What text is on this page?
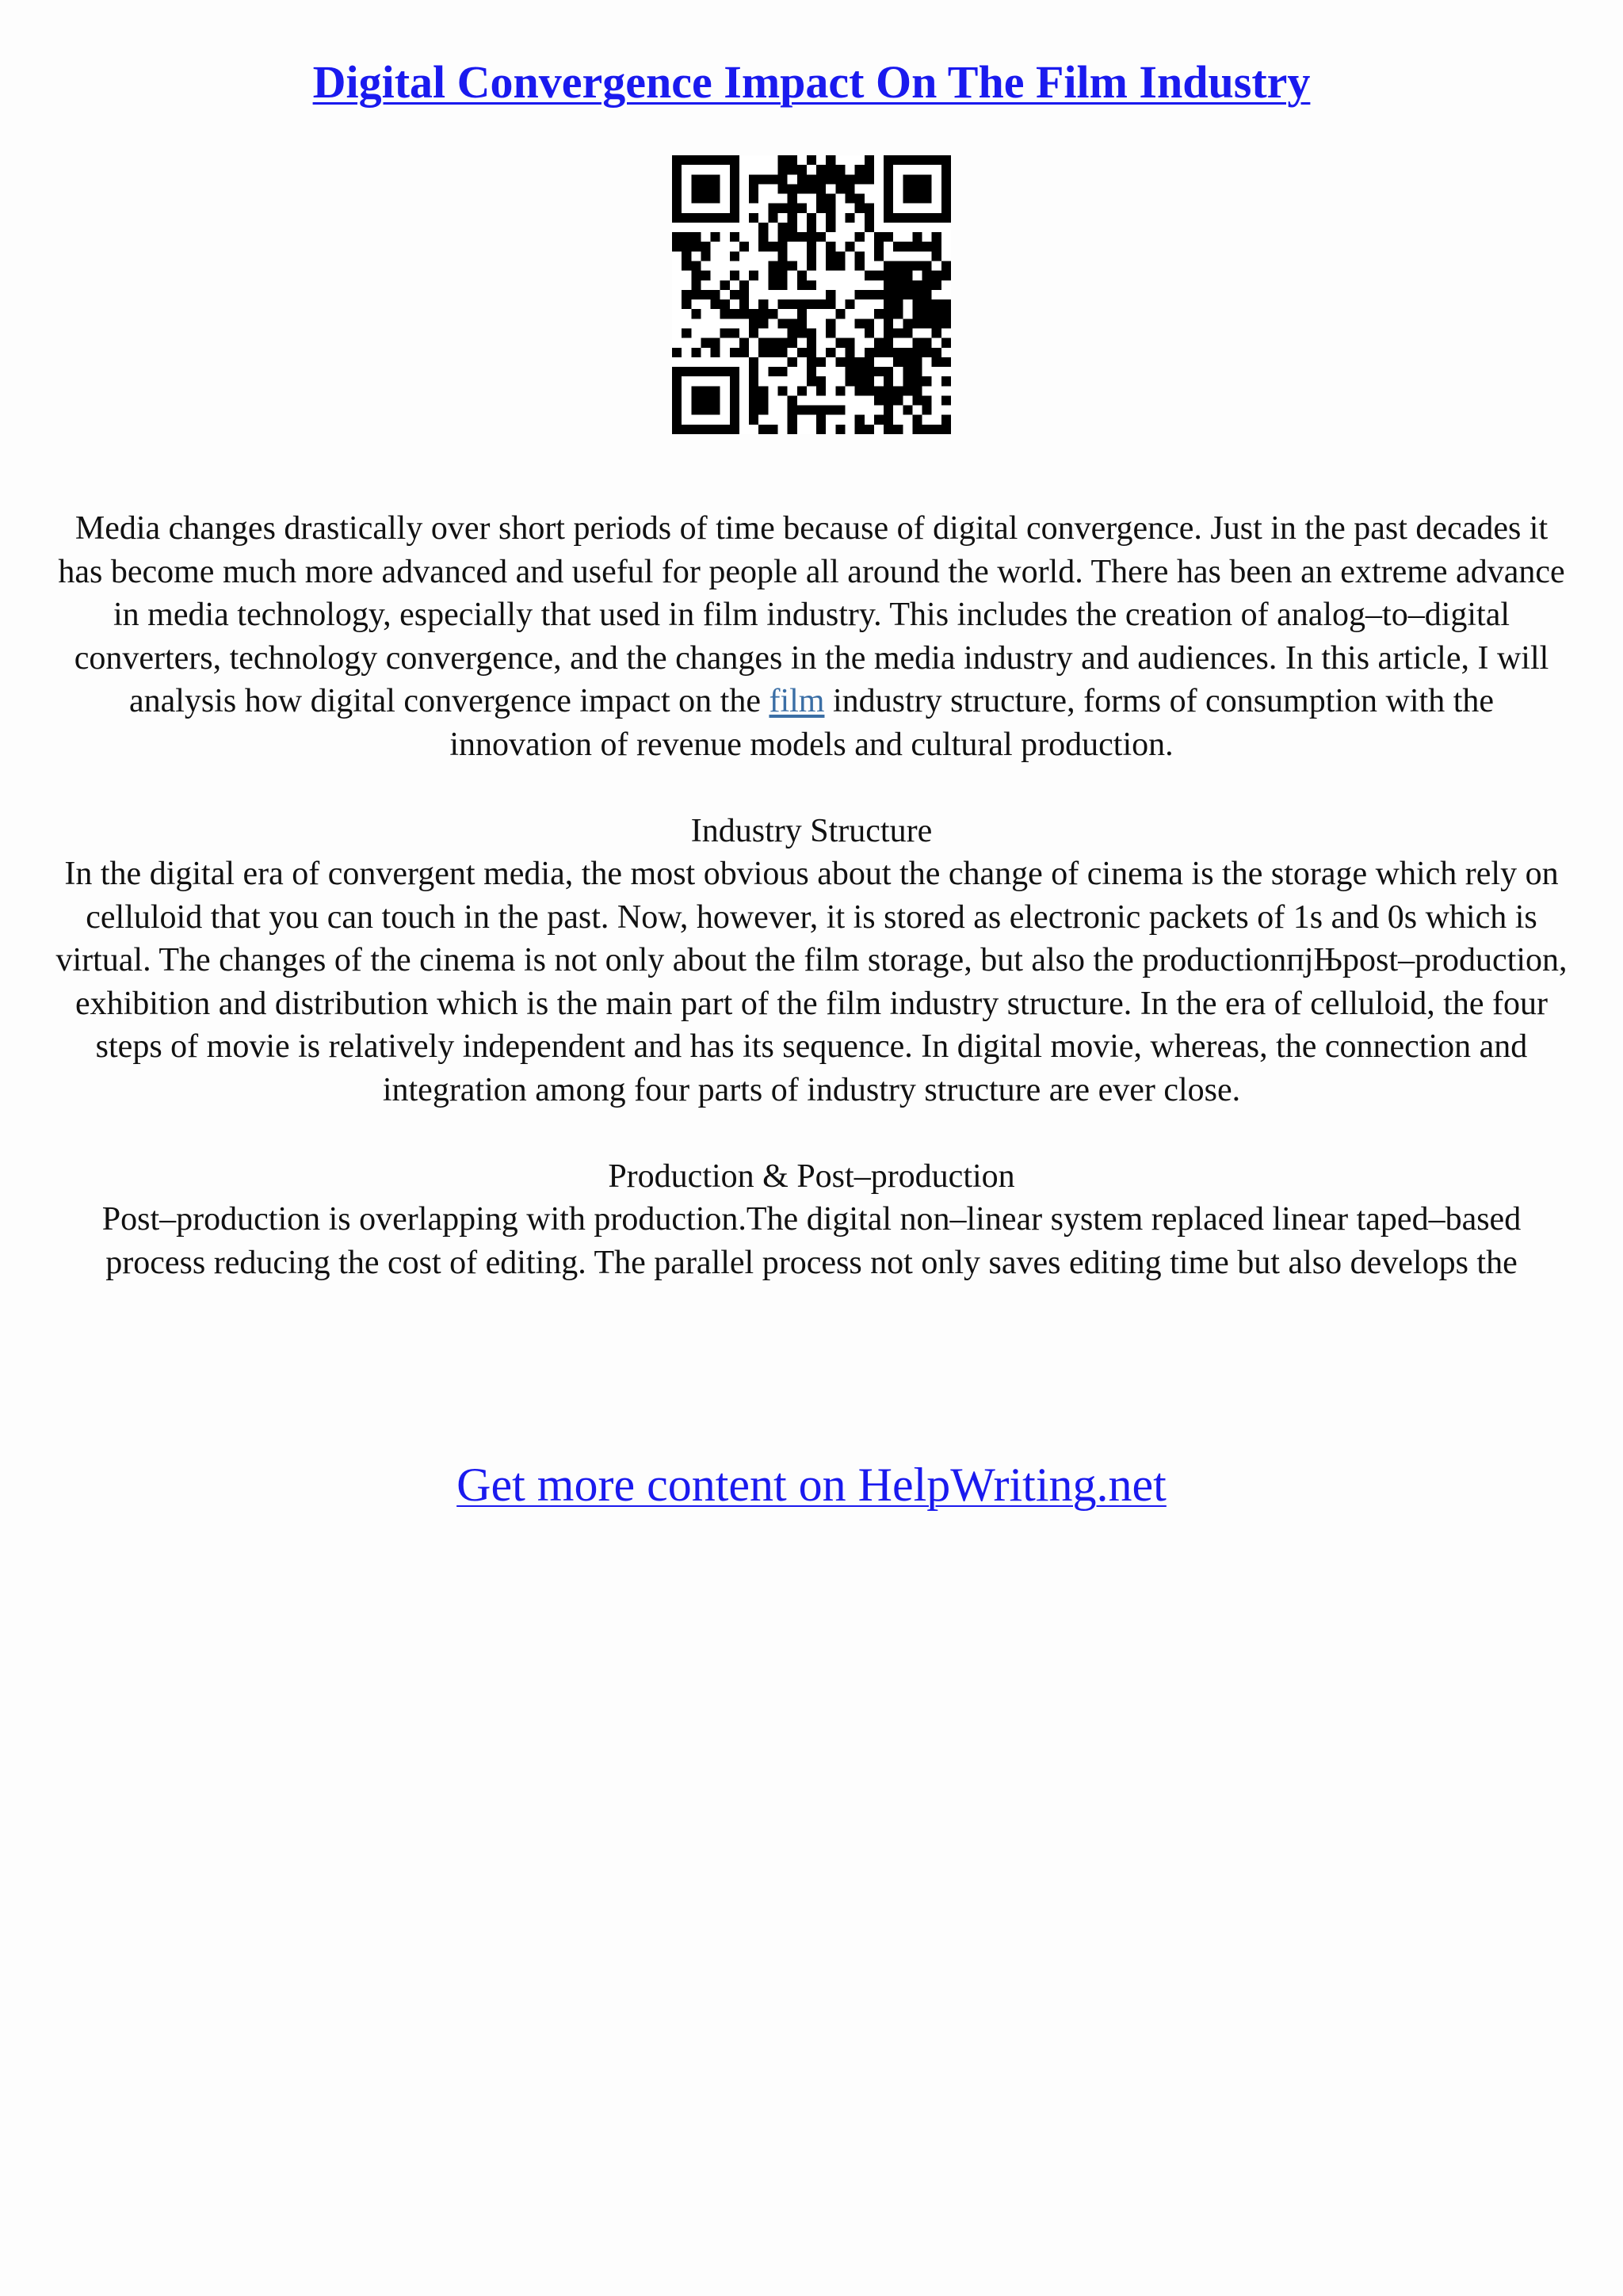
Digital Convergence Impact On The Film Industry

Media changes drastically over short periods of time because of digital convergence. Just in the past decades it has become much more advanced and useful for people all around the world. There has been an extreme advance in media technology, especially that used in film industry. This includes the creation of analog–to–digital converters, technology convergence, and the changes in the media industry and audiences. In this article, I will analysis how digital convergence impact on the film industry structure, forms of consumption with the innovation of revenue models and cultural production.

Industry Structure

In the digital era of convergent media, the most obvious about the change of cinema is the storage which rely on celluloid that you can touch in the past. Now, however, it is stored as electronic packets of 1s and 0s which is virtual. The changes of the cinema is not only about the film storage, but also the productionпјЊpost–production, exhibition and distribution which is the main part of the film industry structure. In the era of celluloid, the four steps of movie is relatively independent and has its sequence. In digital movie, whereas, the connection and integration among four parts of industry structure are ever close.

Production & Post–production

Post–production is overlapping with production.The digital non–linear system replaced linear taped–based process reducing the cost of editing. The parallel process not only saves editing time but also develops the

Get more content on HelpWriting.net
